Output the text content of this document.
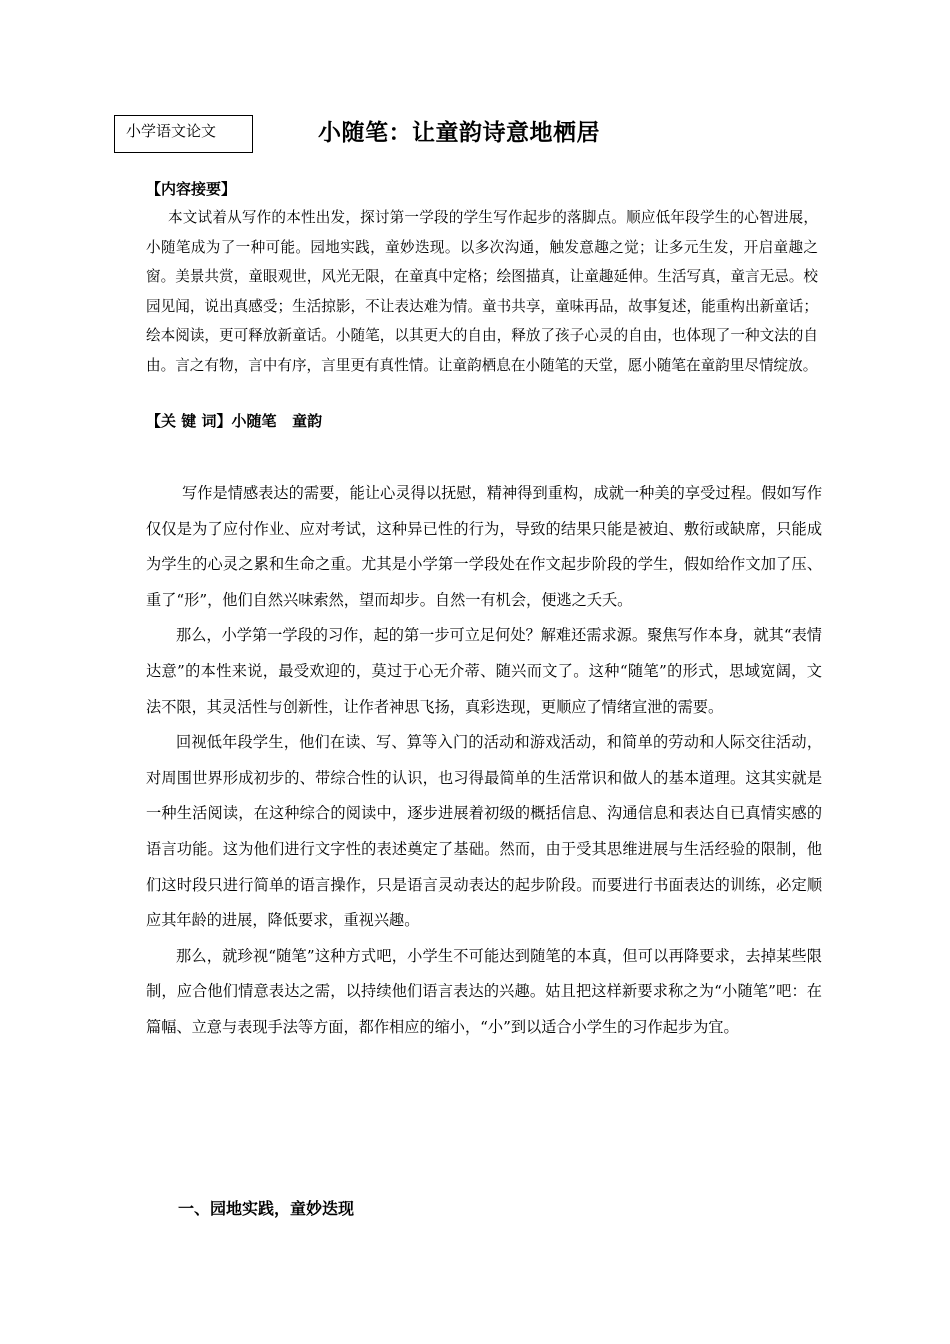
小学语文论文	小随笔：让童韵诗意地栖居
【内容接要】

本文试着从写作的本性出发，探讨第一学段的学生写作起步的落脚点。顺应低年段学生的心智进展，小随笔成为了一种可能。园地实践，童妙迭现。以多次沟通，触发意趣之觉；让多元生发，开启童趣之窗。美景共赏，童眼观世，风光无限，在童真中定格；绘图描真，让童趣延伸。生活写真，童言无忌。校园见闻，说出真感受；生活掠影，不让表达难为情。童书共享，童味再品，故事复述，能重构出新童话；绘本阅读，更可释放新童话。小随笔，以其更大的自由，释放了孩子心灵的自由，也体现了一种文法的自由。言之有物，言中有序，言里更有真性情。让童韵栖息在小随笔的天堂，愿小随笔在童韵里尽情绽放。

【关 键 词】小随笔   童韵

写作是情感表达的需要，能让心灵得以抚慰，精神得到重构，成就一种美的享受过程。假如写作仅仅是为了应付作业、应对考试，这种异已性的行为，导致的结果只能是被迫、敷衍或缺席，只能成为学生的心灵之累和生命之重。尤其是小学第一学段处在作文起步阶段的学生，假如给作文加了压、重了“形”，他们自然兴味索然，望而却步。自然一有机会，便逃之夭夭。

那么，小学第一学段的习作，起的第一步可立足何处？解难还需求源。聚焦写作本身，就其“表情达意”的本性来说，最受欢迎的，莫过于心无介蒂、随兴而文了。这种“随笔”的形式，思域宽阔，文法不限，其灵活性与创新性，让作者神思飞扬，真彩迭现，更顺应了情绪宣泄的需要。

回视低年段学生，他们在读、写、算等入门的活动和游戏活动，和简单的劳动和人际交往活动，对周围世界形成初步的、带综合性的认识，也习得最简单的生活常识和做人的基本道理。这其实就是一种生活阅读，在这种综合的阅读中，逐步进展着初级的概括信息、沟通信息和表达自已真情实感的语言功能。这为他们进行文字性的表述奠定了基础。然而，由于受其思维进展与生活经验的限制，他们这时段只进行简单的语言操作，只是语言灵动表达的起步阶段。而要进行书面表达的训练，必定顺应其年龄的进展，降低要求，重视兴趣。

那么，就珍视“随笔”这种方式吧，小学生不可能达到随笔的本真，但可以再降要求，去掉某些限制，应合他们情意表达之需，以持续他们语言表达的兴趣。姑且把这样新要求称之为“小随笔”吧：在篇幅、立意与表现手法等方面，都作相应的缩小，“小”到以适合小学生的习作起步为宜。

一、园地实践，童妙迭现
